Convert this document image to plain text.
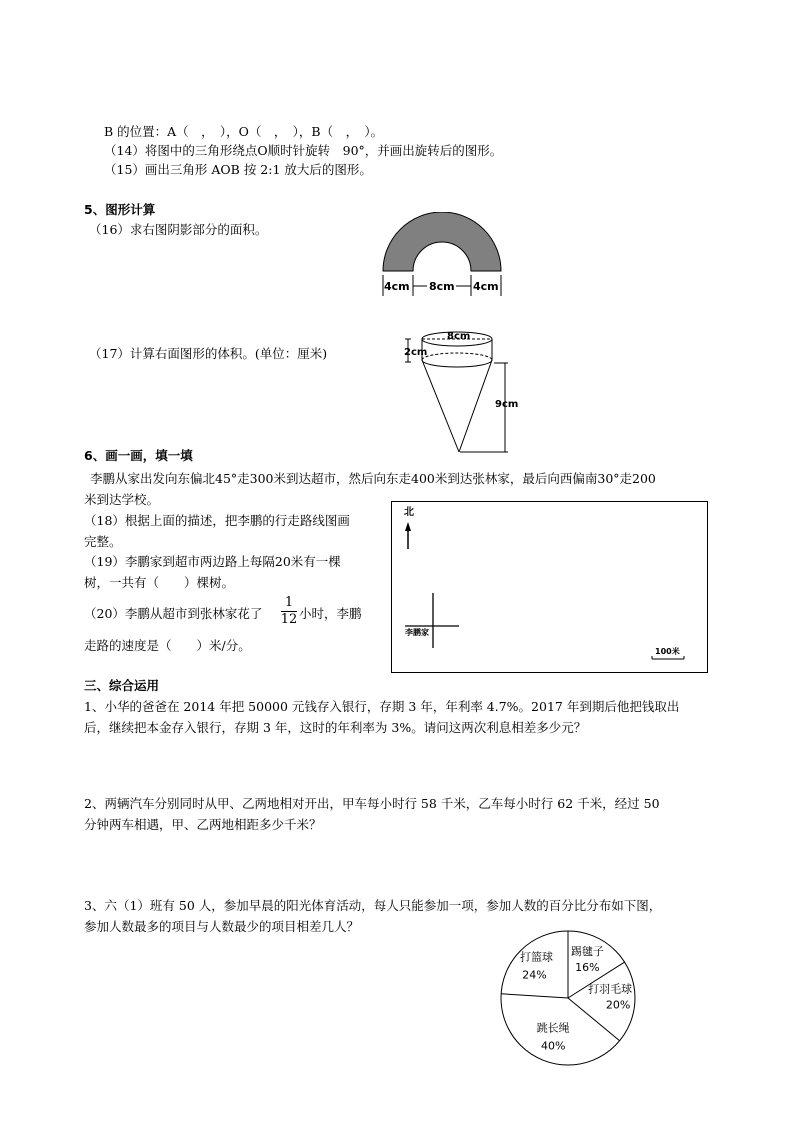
B 的位置：A（　，　），O（　，　），B（　，　）。
（14）将图中的三角形绕点O顺时针旋转　90°，并画出旋转后的图形。
（15）画出三角形 AOB 按 2:1 放大后的图形。
5、图形计算
（16）求右图阴影部分的面积。
（17）计算右面图形的体积。(单位：厘米)
4cm 8cm 4cm
8cm
2cm
9cm
6、画一画，填一填
李鹏从家出发向东偏北45°走300米到达超市，然后向东走400米到达张林家，最后向西偏南30°走200
米到达学校。
（18）根据上面的描述，把李鹏的行走路线图画
完整。
（19）李鹏家到超市两边路上每隔20米有一棵
树，一共有（　　）棵树。
（20）李鹏从超市到张林家花了
1
12 小时，李鹏
走路的速度是（　　）米/分。
北
李鹏家
100米
三、综合运用
1、小华的爸爸在 2014 年把 50000 元钱存入银行，存期 3 年，年利率 4.7%。2017 年到期后他把钱取出
后，继续把本金存入银行，存期 3 年，这时的年利率为 3%。请问这两次利息相差多少元？
2、两辆汽车分别同时从甲、乙两地相对开出，甲车每小时行 58 千米，乙车每小时行 62 千米，经过 50
分钟两车相遇，甲、乙两地相距多少千米？
3、六（1）班有 50 人，参加早晨的阳光体育活动，每人只能参加一项，参加人数的百分比分布如下图，
参加人数最多的项目与人数最少的项目相差几人？
踢毽子
16%
打羽毛球
20%
跳长绳
40%
打篮球
24%
